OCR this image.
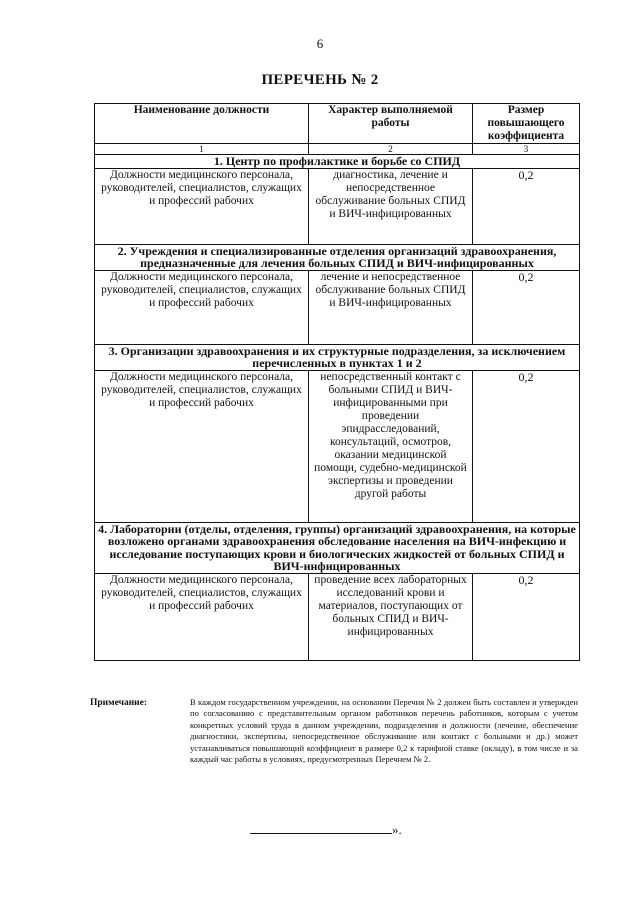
6
ПЕРЕЧЕНЬ № 2
Наименование должности	Характер выполняемой работы	Размер повышающего коэффициента
1	2	3
1. Центр по профилактике и борьбе со СПИД		
Должности медицинского персонала, руководителей, специалистов, служащих и профессий рабочих	диагностика, лечение и непосредственное обслуживание больных СПИД и ВИЧ-инфицированных	0,2
2. Учреждения и специализированные отделения организаций здравоохранения, предназначенные для лечения больных СПИД и ВИЧ-инфицированных		
Должности медицинского персонала, руководителей, специалистов, служащих и профессий рабочих	лечение и непосредственное обслуживание больных СПИД и ВИЧ-инфицированных	0,2
3. Организации здравоохранения и их структурные подразделения, за исключением перечисленных в пунктах 1 и 2		
Должности медицинского персонала, руководителей, специалистов, служащих и профессий рабочих	непосредственный контакт с больными СПИД и ВИЧ-инфицированными при проведении эпидрасследований, консультаций, осмотров, оказании медицинской помощи, судебно-медицинской экспертизы и проведении другой работы	0,2
4. Лаборатории (отделы, отделения, группы) организаций здравоохранения, на которые возложено органами здравоохранения обследование населения на ВИЧ-инфекцию и исследование поступающих крови и биологических жидкостей от больных СПИД и ВИЧ-инфицированных		
Должности медицинского персонала, руководителей, специалистов, служащих и профессий рабочих	проведение всех лабораторных исследований крови и материалов, поступающих от больных СПИД и ВИЧ-инфицированных	0,2
Примечание:	В каждом государственном учреждении, на основании Перечня № 2 должен быть составлен и утвержден по согласованию с представительным органом работников перечень работников, которым с учетом конкретных условий труда в данном учреждении, подразделения и должности (лечение, обеспечение диагностики, экспертизы, непосредственное обслуживание или контакт с больными и др.) может устанавливаться повышающий коэффициент в размере 0,2 к тарифной ставке (окладу), в том числе и за каждый час работы в условиях, предусмотренных Перечнем № 2.
».
